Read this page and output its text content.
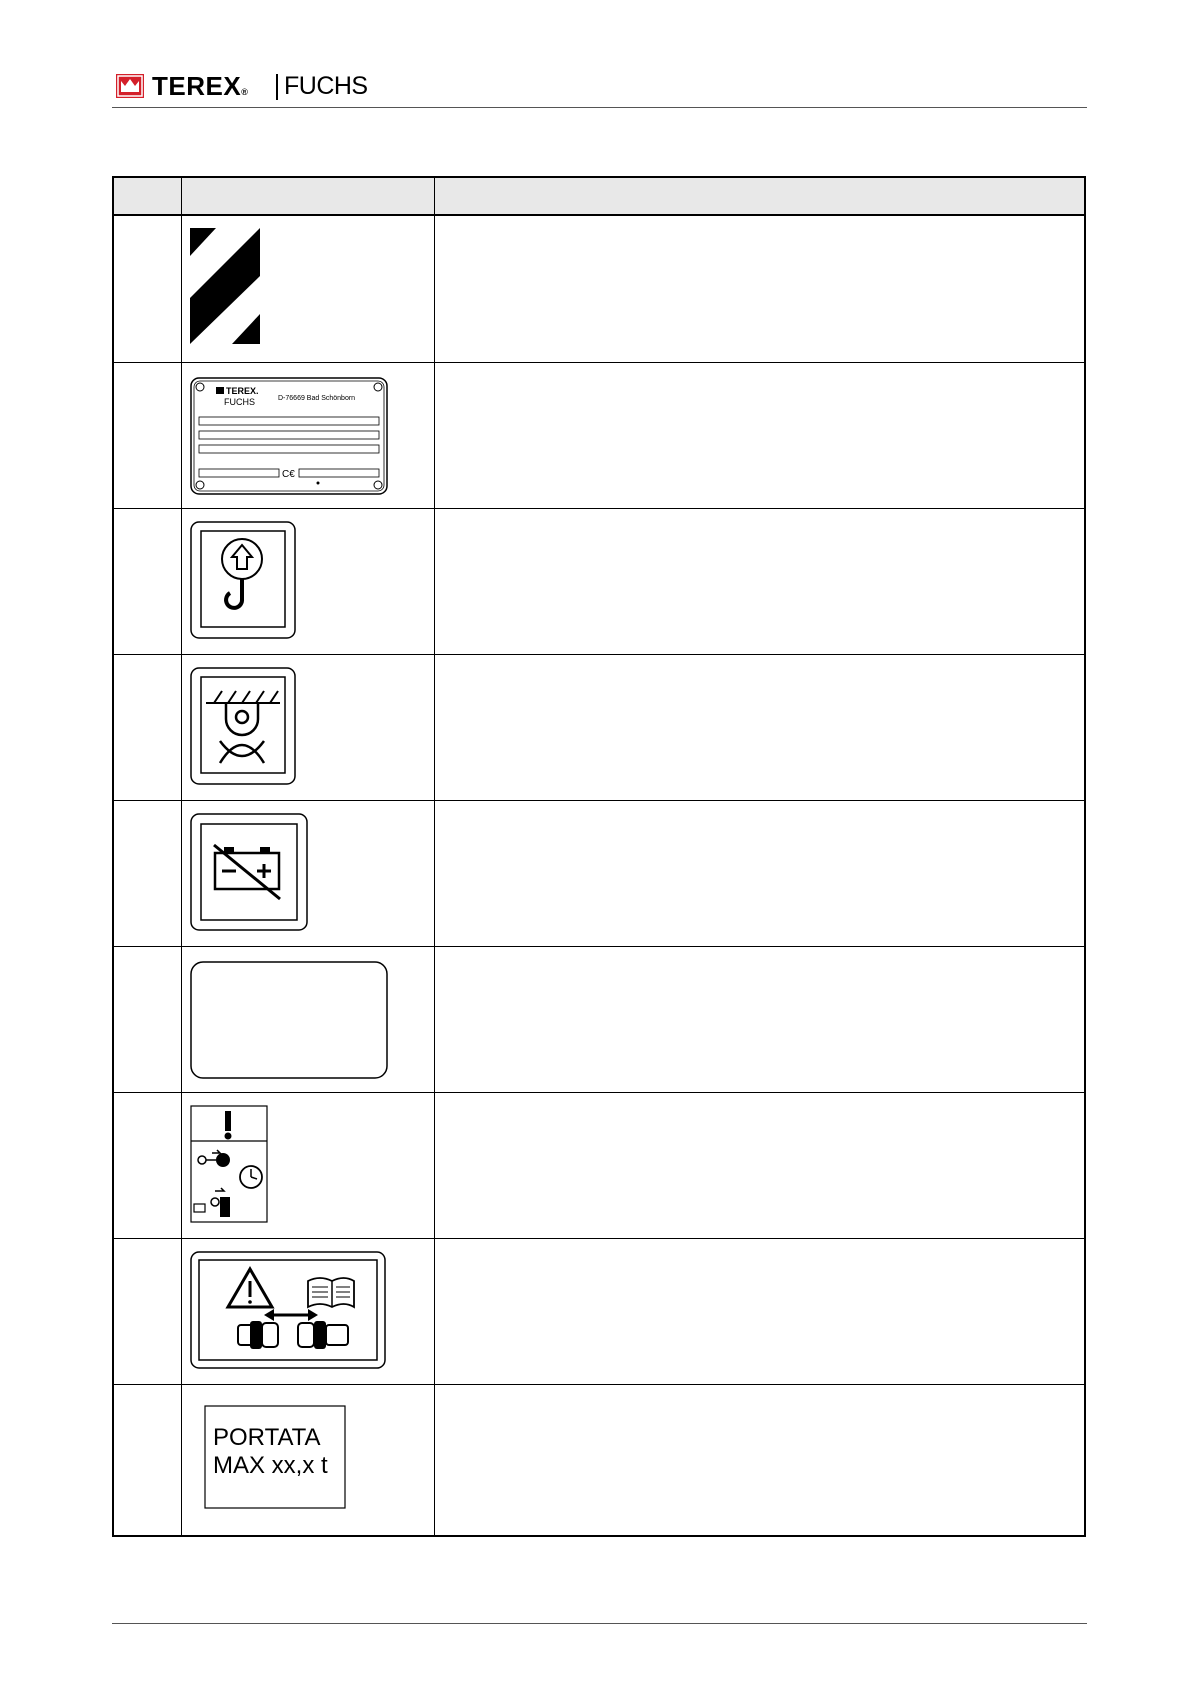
TEREX® FUCHS
TEREX.
FUCHS	D-76669 Bad Schönborn
C€
PORTATA
MAX xx,x t
